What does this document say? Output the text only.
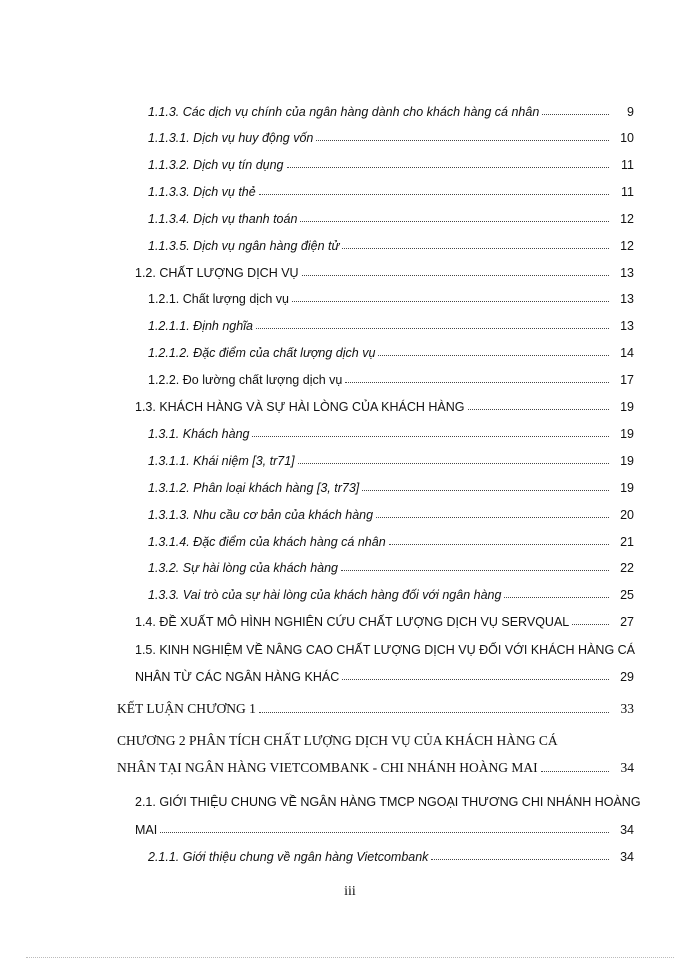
1.1.3. Các dịch vụ chính của ngân hàng dành cho khách hàng cá nhân	9
1.1.3.1. Dịch vụ huy động vốn	10
1.1.3.2. Dịch vụ tín dụng	11
1.1.3.3. Dịch vụ thẻ	11
1.1.3.4. Dịch vụ thanh toán	12
1.1.3.5. Dịch vụ ngân hàng điện tử	12
1.2. CHẤT LƯỢNG DỊCH VỤ	13
1.2.1. Chất lượng dịch vụ	13
1.2.1.1. Định nghĩa	13
1.2.1.2. Đặc điểm của chất lượng dịch vụ	14
1.2.2. Đo lường chất lượng dịch vụ	17
1.3. KHÁCH HÀNG VÀ SỰ HÀI LÒNG CỦA KHÁCH HÀNG	19
1.3.1. Khách hàng	19
1.3.1.1. Khái niệm [3, tr71]	19
1.3.1.2. Phân loại khách hàng [3, tr73]	19
1.3.1.3. Nhu cầu cơ bản của khách hàng	20
1.3.1.4. Đặc điểm của khách hàng cá nhân	21
1.3.2. Sự hài lòng của khách hàng	22
1.3.3. Vai trò của sự hài lòng của khách hàng đối với ngân hàng	25
1.4. ĐỀ XUẤT MÔ HÌNH NGHIÊN CỨU CHẤT LƯỢNG DỊCH VỤ SERVQUAL	27
1.5. KINH NGHIỆM VỀ NÂNG CAO CHẤT LƯỢNG DỊCH VỤ ĐỐI VỚI KHÁCH HÀNG CÁ
NHÂN TỪ CÁC NGÂN HÀNG KHÁC	29
KẾT LUẬN CHƯƠNG 1	33
CHƯƠNG 2 PHÂN TÍCH CHẤT LƯỢNG DỊCH VỤ CỦA KHÁCH HÀNG CÁ
NHÂN TẠI NGÂN HÀNG VIETCOMBANK - CHI NHÁNH HOÀNG MAI	34
2.1. GIỚI THIỆU CHUNG VỀ NGÂN HÀNG TMCP NGOẠI THƯƠNG CHI NHÁNH HOÀNG
MAI	34
2.1.1. Giới thiệu chung về ngân hàng Vietcombank	34
iii
